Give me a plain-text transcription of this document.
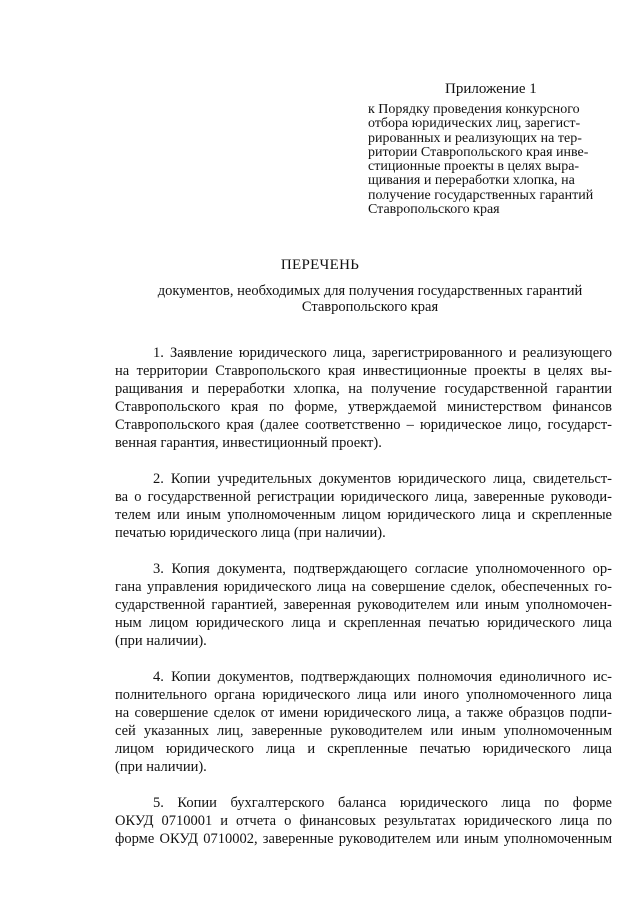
Приложение 1
к Порядку проведения конкурсного
отбора юридических лиц, зарегист-
рированных и реализующих на тер-
ритории Ставропольского края инве-
стиционные проекты в целях выра-
щивания и переработки хлопка, на
получение государственных гарантий
Ставропольского края
ПЕРЕЧЕНЬ
документов, необходимых для получения государственных гарантий
Ставропольского края
1. Заявление юридического лица, зарегистрированного и реализующего
на территории Ставропольского края инвестиционные проекты в целях вы-
ращивания и переработки хлопка, на получение государственной гарантии
Ставропольского края по форме, утверждаемой министерством финансов
Ставропольского края (далее соответственно – юридическое лицо, государст-
венная гарантия, инвестиционный проект).
2. Копии учредительных документов юридического лица, свидетельст-
ва о государственной регистрации юридического лица, заверенные руководи-
телем или иным уполномоченным лицом юридического лица и скрепленные
печатью юридического лица (при наличии).
3. Копия документа, подтверждающего согласие уполномоченного ор-
гана управления юридического лица на совершение сделок, обеспеченных го-
сударственной гарантией, заверенная руководителем или иным уполномочен-
ным лицом юридического лица и скрепленная печатью юридического лица
(при наличии).
4. Копии документов, подтверждающих полномочия единоличного ис-
полнительного органа юридического лица или иного уполномоченного лица
на совершение сделок от имени юридического лица, а также образцов подпи-
сей указанных лиц, заверенные руководителем или иным уполномоченным
лицом юридического лица и скрепленные печатью юридического лица
(при наличии).
5. Копии бухгалтерского баланса юридического лица по форме
ОКУД 0710001 и отчета о финансовых результатах юридического лица по
форме ОКУД 0710002, заверенные руководителем или иным уполномоченным
